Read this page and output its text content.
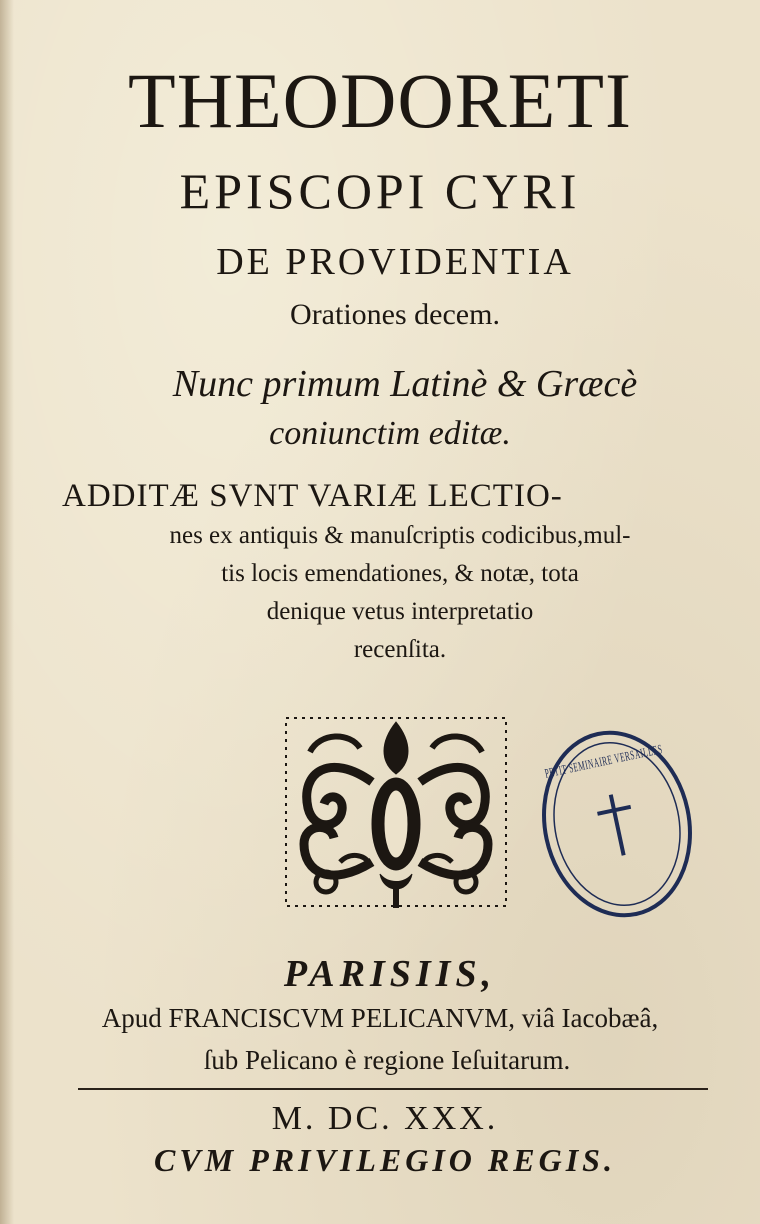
THEODORETI
EPISCOPI CYRI
DE PROVIDENTIA
Orationes decem.
Nunc primum Latinè & Græcè
coniunctim editæ.
ADDITÆ SVNT VARIÆ LECTIO-
nes ex antiquis & manuſcriptis codicibus,mul-
tis locis emendationes, & notæ, tota
denique vetus interpretatio
recenſita.
PETIT SEMINAIRE VERSAILLES
PARISIIS,
Apud FRANCISCVM PELICANVM, viâ Iacobæâ,
ſub Pelicano è regione Ieſuitarum.
M. DC. XXX.
CVM PRIVILEGIO REGIS.
